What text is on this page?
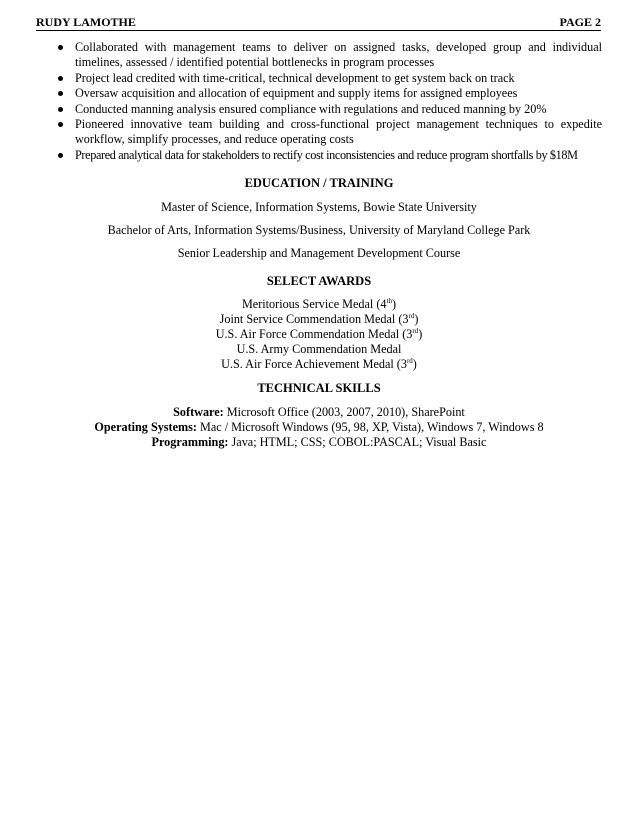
RUDY LAMOTHE	PAGE 2
Collaborated with management teams to deliver on assigned tasks, developed group and individual timelines, assessed / identified potential bottlenecks in program processes
Project lead credited with time-critical, technical development to get system back on track
Oversaw acquisition and allocation of equipment and supply items for assigned employees
Conducted manning analysis ensured compliance with regulations and reduced manning by 20%
Pioneered innovative team building and cross-functional project management techniques to expedite workflow, simplify processes, and reduce operating costs
Prepared analytical data for stakeholders to rectify cost inconsistencies and reduce program shortfalls by $18M
EDUCATION / TRAINING
Master of Science, Information Systems, Bowie State University
Bachelor of Arts, Information Systems/Business, University of Maryland College Park
Senior Leadership and Management Development Course
SELECT AWARDS
Meritorious Service Medal (4th)
Joint Service Commendation Medal (3rd)
U.S. Air Force Commendation Medal (3rd)
U.S. Army Commendation Medal
U.S. Air Force Achievement Medal (3rd)
TECHNICAL SKILLS
Software: Microsoft Office (2003, 2007, 2010), SharePoint
Operating Systems: Mac / Microsoft Windows (95, 98, XP, Vista), Windows 7, Windows 8
Programming: Java; HTML; CSS; COBOL:PASCAL; Visual Basic
